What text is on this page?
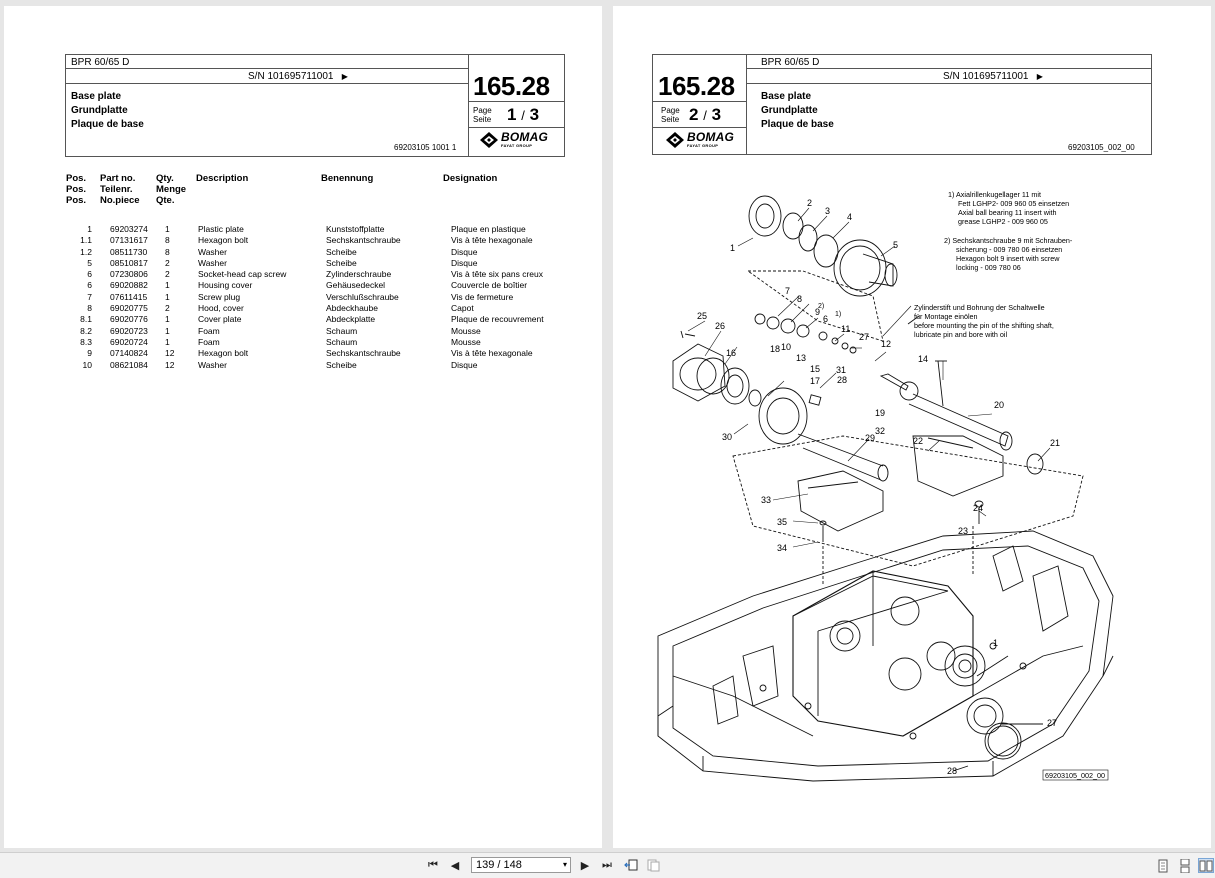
BPR 60/65 D
S/N 101695711001 ▶
Base plate
Grundplatte
Plaque de base
69203105 1001 1
165.28
Page
Seite 1 / 3
BOMAG
FAYAT GROUP
Pos.
Pos.
Pos.
Part no.
Teilenr.
No.piece
Qty.
Menge
Qte.
Description	Benennung	Designation
1	69203274	1	Plastic plate	Kunststoffplatte	Plaque en plastique
1.1	07131617	8	Hexagon bolt	Sechskantschraube	Vis à tête hexagonale
1.2	08511730	8	Washer	Scheibe	Disque
5	08510817	2	Washer	Scheibe	Disque
6	07230806	2	Socket-head cap screw	Zylinderschraube	Vis à tête six pans creux
6	69020882	1	Housing cover	Gehäusedeckel	Couvercle de boîtier
7	07611415	1	Screw plug	Verschlußschraube	Vis de fermeture
8	69020775	2	Hood, cover	Abdeckhaube	Capot
8.1	69020776	1	Cover plate	Abdeckplatte	Plaque de recouvrement
8.2	69020723	1	Foam	Schaum	Mousse
8.3	69020724	1	Foam	Schaum	Mousse
9	07140824	12	Hexagon bolt	Sechskantschraube	Vis à tête hexagonale
10	08621084	12	Washer	Scheibe	Disque
165.28
Page
Seite 2 / 3
BOMAG
FAYAT GROUP
BPR 60/65 D
S/N 101695711001 ▶
Base plate
Grundplatte
Plaque de base
69203105_002_00
1) Axialrillenkugellager 11 mit
Fett LGHP2- 009 960 05 einsetzen
Axial ball bearing 11 insert with
grease LGHP2 - 009 960 05
2) Sechskantschraube 9 mit Schrauben-
sicherung - 009 780 06 einsetzen
Hexagon bolt 9 insert with screw
locking - 009 780 06
Zylinderstift und Bohrung der Schaltwelle
für Montage einölen
before mounting the pin of the shifting shaft,
lubricate pin and bore with oil
1
2
3
4
5
25
7
8
9
2)
1)
26
6
11
27
10
13
15
12
17
14
16	18
28
29
31
19
20
30
32
22	21
33
24
35
23
34
1
27
28	69203105_002_00
⏮ ◀	139 / 148	▾ ▶ ⏭
